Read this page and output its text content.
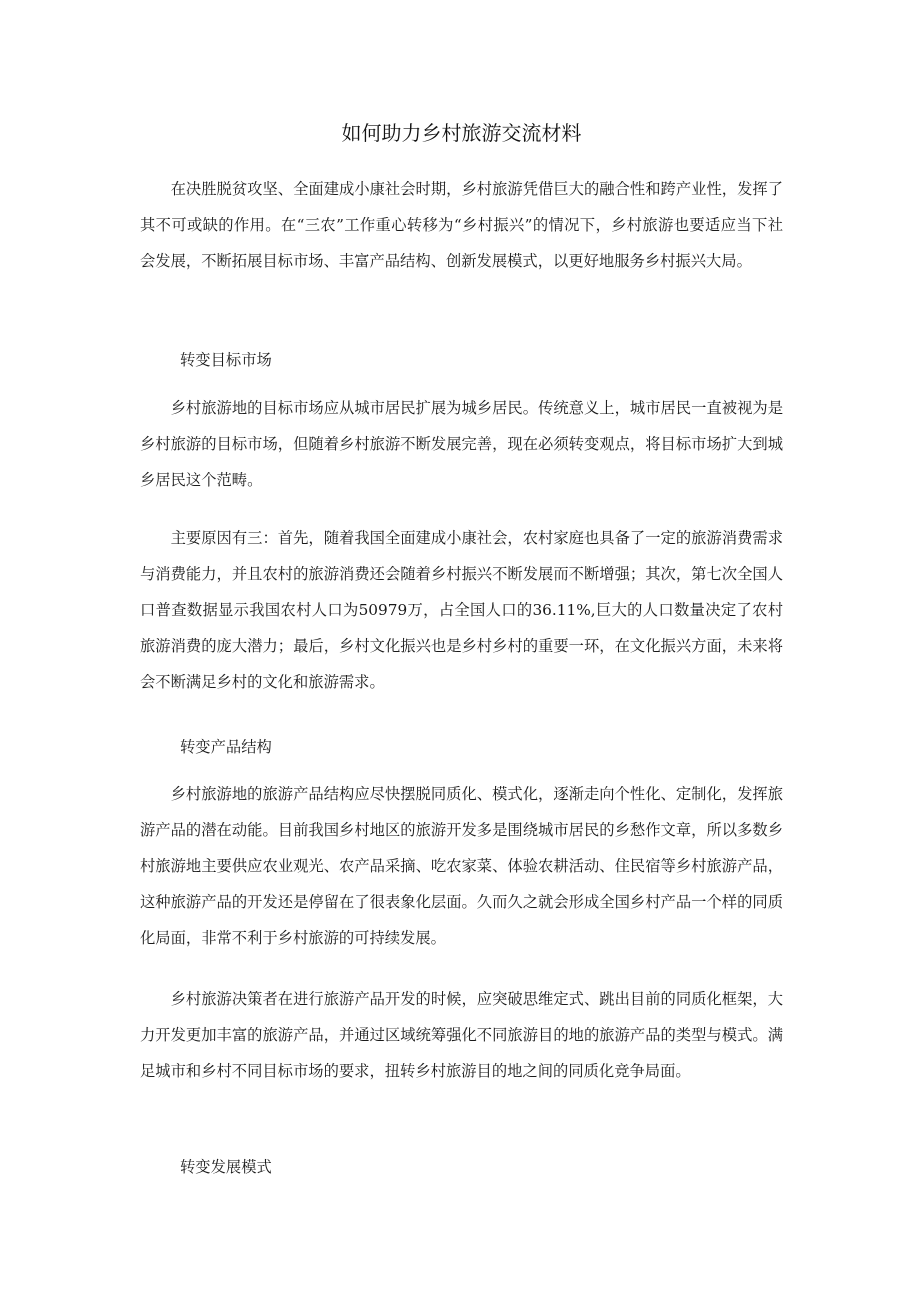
如何助力乡村旅游交流材料

在决胜脱贫攻坚、全面建成小康社会时期，乡村旅游凭借巨大的融合性和跨产业性，发挥了其不可或缺的作用。在“三农”工作重心转移为“乡村振兴”的情况下，乡村旅游也要适应当下社会发展，不断拓展目标市场、丰富产品结构、创新发展模式，以更好地服务乡村振兴大局。

转变目标市场

乡村旅游地的目标市场应从城市居民扩展为城乡居民。传统意义上，城市居民一直被视为是乡村旅游的目标市场，但随着乡村旅游不断发展完善，现在必须转变观点，将目标市场扩大到城乡居民这个范畴。

主要原因有三：首先，随着我国全面建成小康社会，农村家庭也具备了一定的旅游消费需求与消费能力，并且农村的旅游消费还会随着乡村振兴不断发展而不断增强；其次，第七次全国人口普查数据显示我国农村人口为50979万，占全国人口的36.11%,巨大的人口数量决定了农村旅游消费的庞大潜力；最后，乡村文化振兴也是乡村乡村的重要一环，在文化振兴方面，未来将会不断满足乡村的文化和旅游需求。

转变产品结构

乡村旅游地的旅游产品结构应尽快摆脱同质化、模式化，逐渐走向个性化、定制化，发挥旅游产品的潜在动能。目前我国乡村地区的旅游开发多是围绕城市居民的乡愁作文章，所以多数乡村旅游地主要供应农业观光、农产品采摘、吃农家菜、体验农耕活动、住民宿等乡村旅游产品，这种旅游产品的开发还是停留在了很表象化层面。久而久之就会形成全国乡村产品一个样的同质化局面，非常不利于乡村旅游的可持续发展。

乡村旅游决策者在进行旅游产品开发的时候，应突破思维定式、跳出目前的同质化框架，大力开发更加丰富的旅游产品，并通过区域统筹强化不同旅游目的地的旅游产品的类型与模式。满足城市和乡村不同目标市场的要求，扭转乡村旅游目的地之间的同质化竞争局面。

转变发展模式
